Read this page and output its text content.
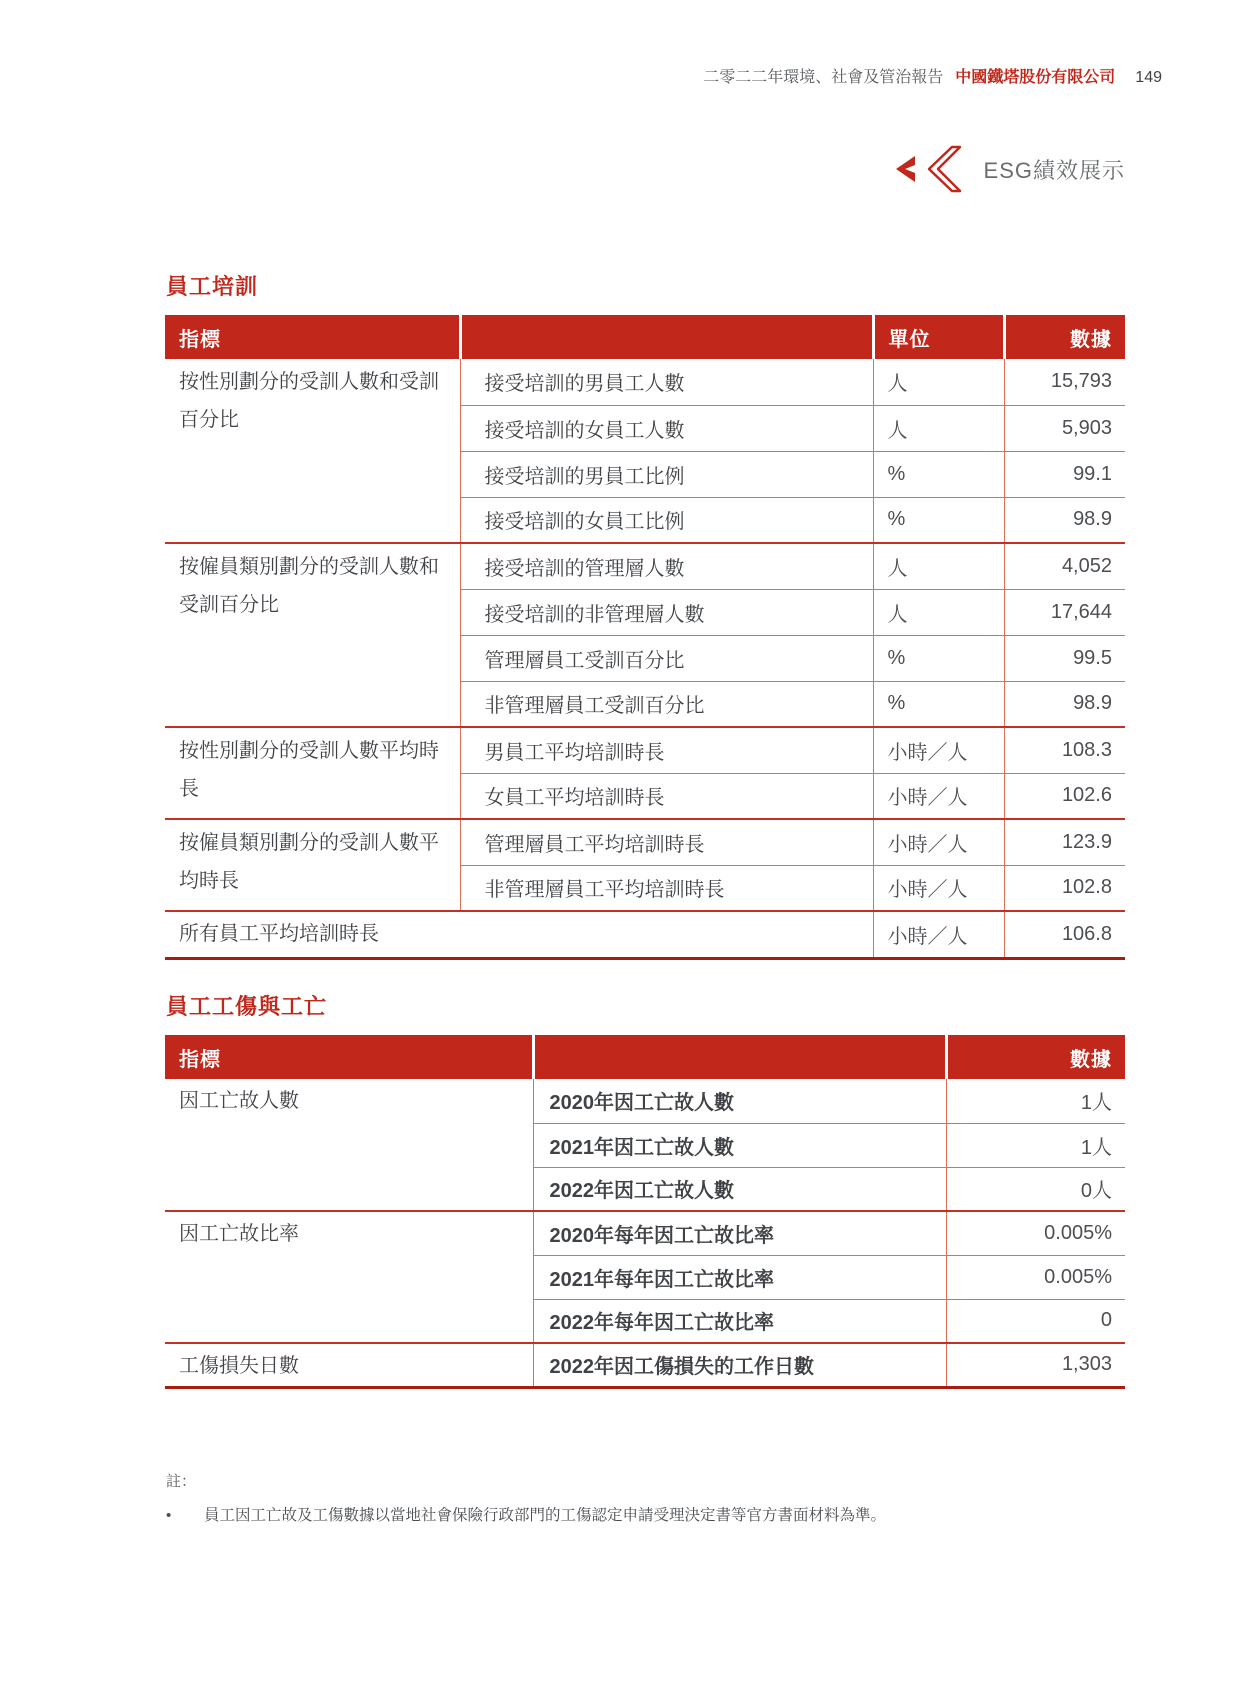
二零二二年環境、社會及管治報告 中國鐵塔股份有限公司 149
ESG績效展示
員工培訓
指標		單位	數據
按性別劃分的受訓人數和受訓百分比	接受培訓的男員工人數	人	15,793
	接受培訓的女員工人數	人	5,903
	接受培訓的男員工比例	%	99.1
	接受培訓的女員工比例	%	98.9
按僱員類別劃分的受訓人數和受訓百分比	接受培訓的管理層人數	人	4,052
	接受培訓的非管理層人數	人	17,644
	管理層員工受訓百分比	%	99.5
	非管理層員工受訓百分比	%	98.9
按性別劃分的受訓人數平均時長	男員工平均培訓時長	小時／人	108.3
	女員工平均培訓時長	小時／人	102.6
按僱員類別劃分的受訓人數平均時長	管理層員工平均培訓時長	小時／人	123.9
	非管理層員工平均培訓時長	小時／人	102.8
所有員工平均培訓時長		小時／人	106.8
員工工傷與工亡
指標		數據
因工亡故人數	2020年因工亡故人數	1人
	2021年因工亡故人數	1人
	2022年因工亡故人數	0人
因工亡故比率	2020年每年因工亡故比率	0.005%
	2021年每年因工亡故比率	0.005%
	2022年每年因工亡故比率	0
工傷損失日數	2022年因工傷損失的工作日數	1,303
註：
•	員工因工亡故及工傷數據以當地社會保險行政部門的工傷認定申請受理決定書等官方書面材料為準。
